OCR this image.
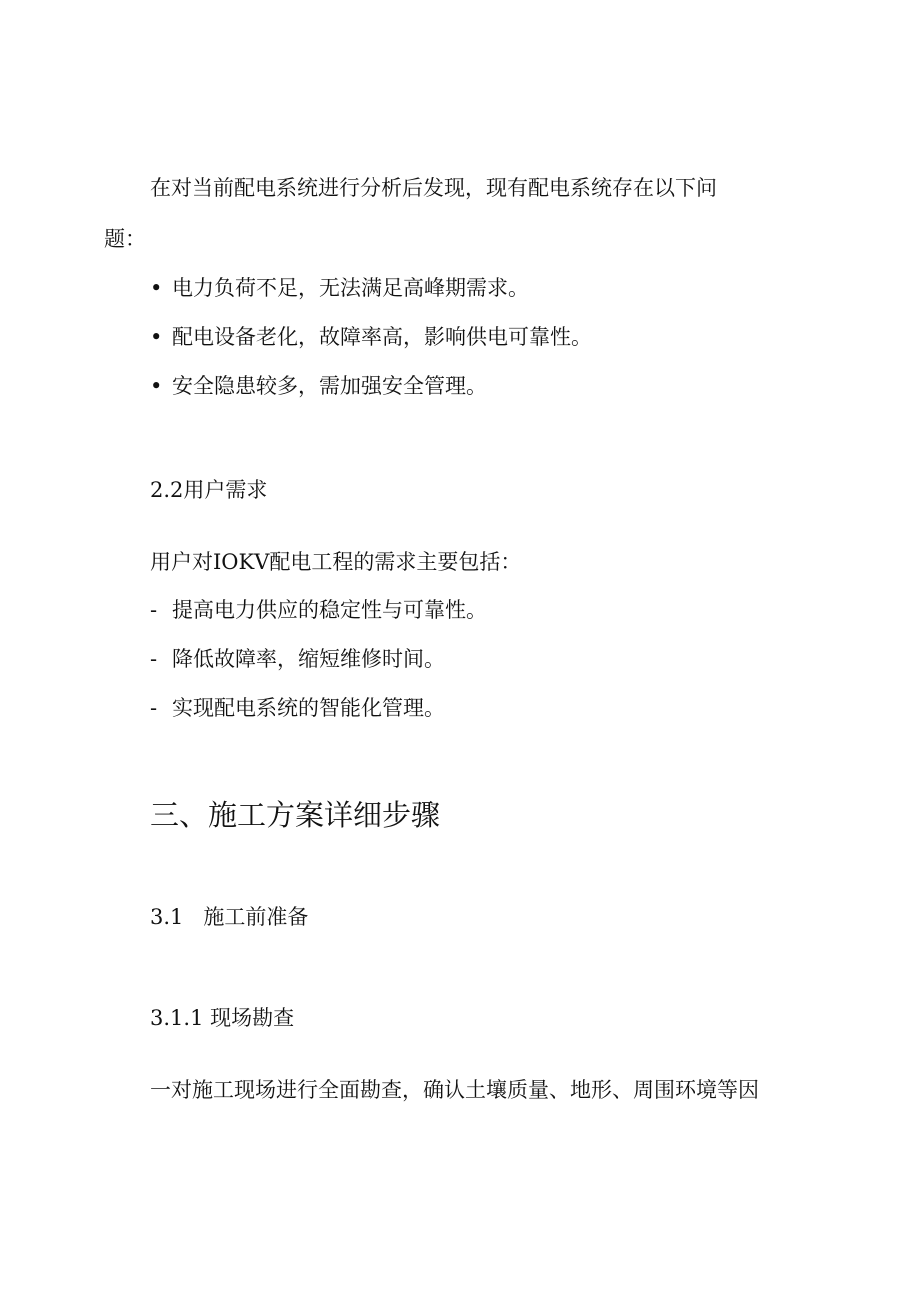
在对当前配电系统进行分析后发现，现有配电系统存在以下问
题：
• 电力负荷不足，无法满足高峰期需求。
• 配电设备老化，故障率高，影响供电可靠性。
• 安全隐患较多，需加强安全管理。
2.2用户需求
用户对IOKV配电工程的需求主要包括：
- 提高电力供应的稳定性与可靠性。
- 降低故障率，缩短维修时间。
- 实现配电系统的智能化管理。
三、施工方案详细步骤
3.1   施工前准备
3.1.1 现场勘查
一对施工现场进行全面勘查，确认土壤质量、地形、周围环境等因
